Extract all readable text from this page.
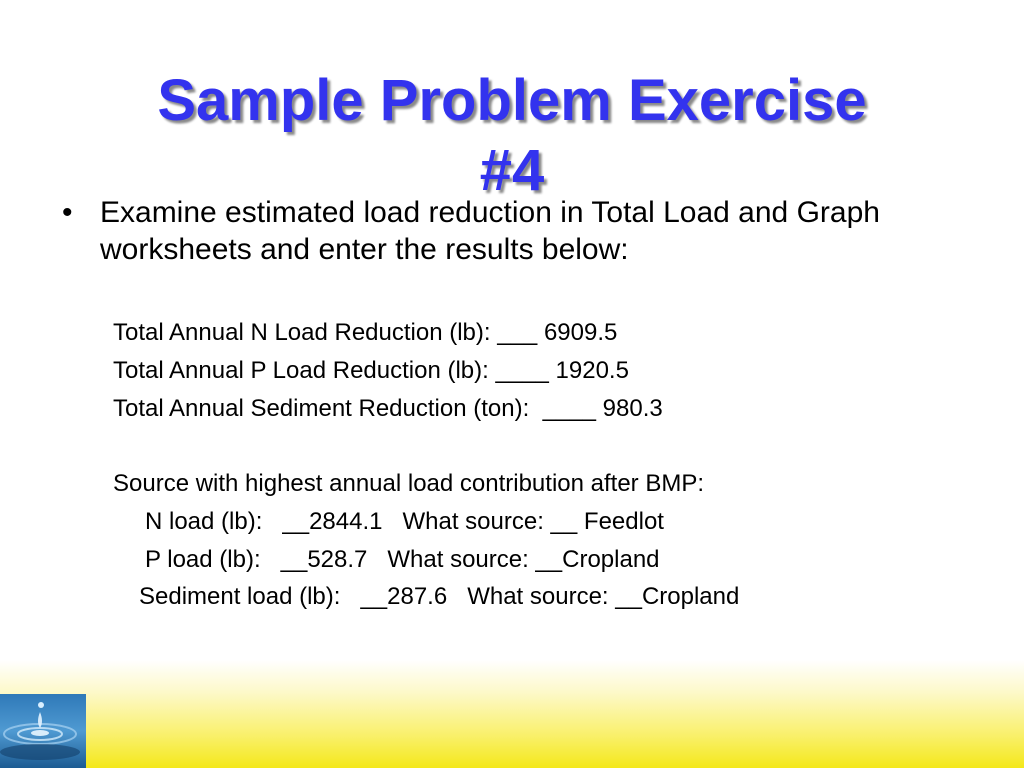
Sample Problem Exercise
#4
• Examine estimated load reduction in Total Load and Graph worksheets and enter the results below:
Total Annual N Load Reduction (lb): ___ 6909.5
Total Annual P Load Reduction (lb): ____ 1920.5
Total Annual Sediment Reduction (ton):  ____ 980.3
Source with highest annual load contribution after BMP:
N load (lb):   __2844.1   What source: __ Feedlot
P load (lb):   __528.7   What source: __Cropland
Sediment load (lb):   __287.6   What source: __Cropland
